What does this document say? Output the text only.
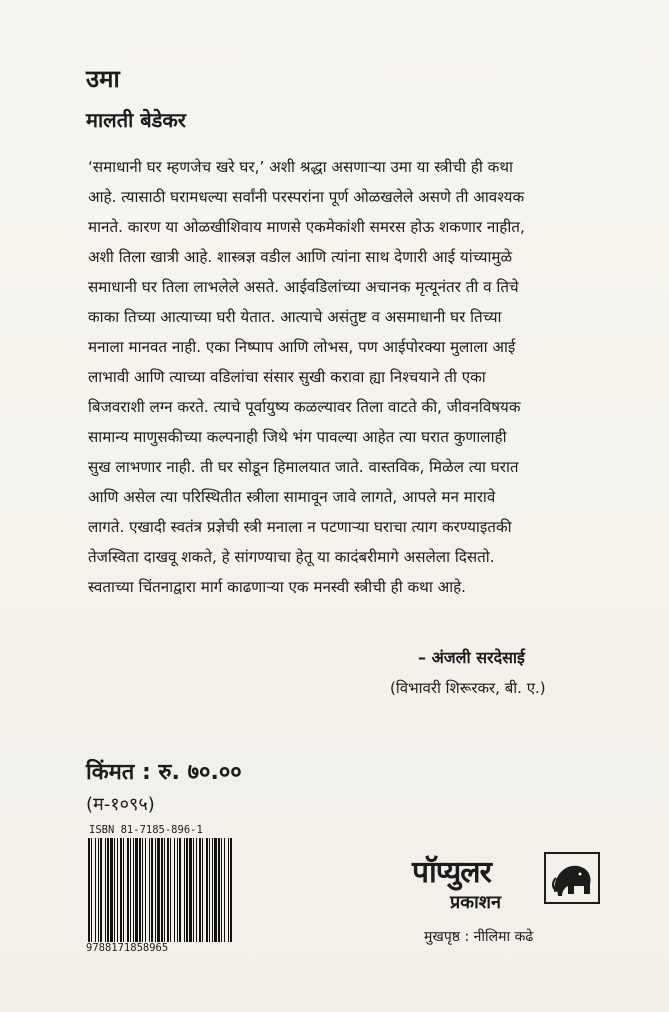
उमा
मालती बेडेकर

‘समाधानी घर म्हणजेच खरे घर,’ अशी श्रद्धा असणाऱ्या उमा या स्त्रीची ही कथा

आहे. त्यासाठी घरामधल्या सर्वांनी परस्परांना पूर्ण ओळखलेले असणे ती आवश्यक

मानते. कारण या ओळखीशिवाय माणसे एकमेकांशी समरस होऊ शकणार नाहीत,

अशी तिला खात्री आहे. शास्त्रज्ञ वडील आणि त्यांना साथ देणारी आई यांच्यामुळे

समाधानी घर तिला लाभलेले असते. आईवडिलांच्या अचानक मृत्यूनंतर ती व तिचे

काका तिच्या आत्याच्या घरी येतात. आत्याचे असंतुष्ट व असमाधानी घर तिच्या

मनाला मानवत नाही. एका निष्पाप आणि लोभस, पण आईपोरक्या मुलाला आई

लाभावी आणि त्याच्या वडिलांचा संसार सुखी करावा ह्या निश्चयाने ती एका

बिजवराशी लग्न करते. त्याचे पूर्वायुष्य कळल्यावर तिला वाटते की, जीवनविषयक

सामान्य माणुसकीच्या कल्पनाही जिथे भंग पावल्या आहेत त्या घरात कुणालाही

सुख लाभणार नाही. ती घर सोडून हिमालयात जाते. वास्तविक, मिळेल त्या घरात

आणि असेल त्या परिस्थितीत स्त्रीला सामावून जावे लागते, आपले मन मारावे

लागते. एखादी स्वतंत्र प्रज्ञेची स्त्री मनाला न पटणाऱ्या घराचा त्याग करण्याइतकी

तेजस्विता दाखवू शकते, हे सांगण्याचा हेतू या कादंबरीमागे असलेला दिसतो.

स्वताच्या चिंतनाद्वारा मार्ग काढणाऱ्या एक मनस्वी स्त्रीची ही कथा आहे.

– अंजली सरदेसाई
(विभावरी शिरूरकर, बी. ए.)
किंमत : रु. ७०.००
(म-१०९५)
ISBN 81-7185-896-1
9788171858965
पॉप्युलर
प्रकाशन
मुखपृष्ठ : नीलिमा कढे
